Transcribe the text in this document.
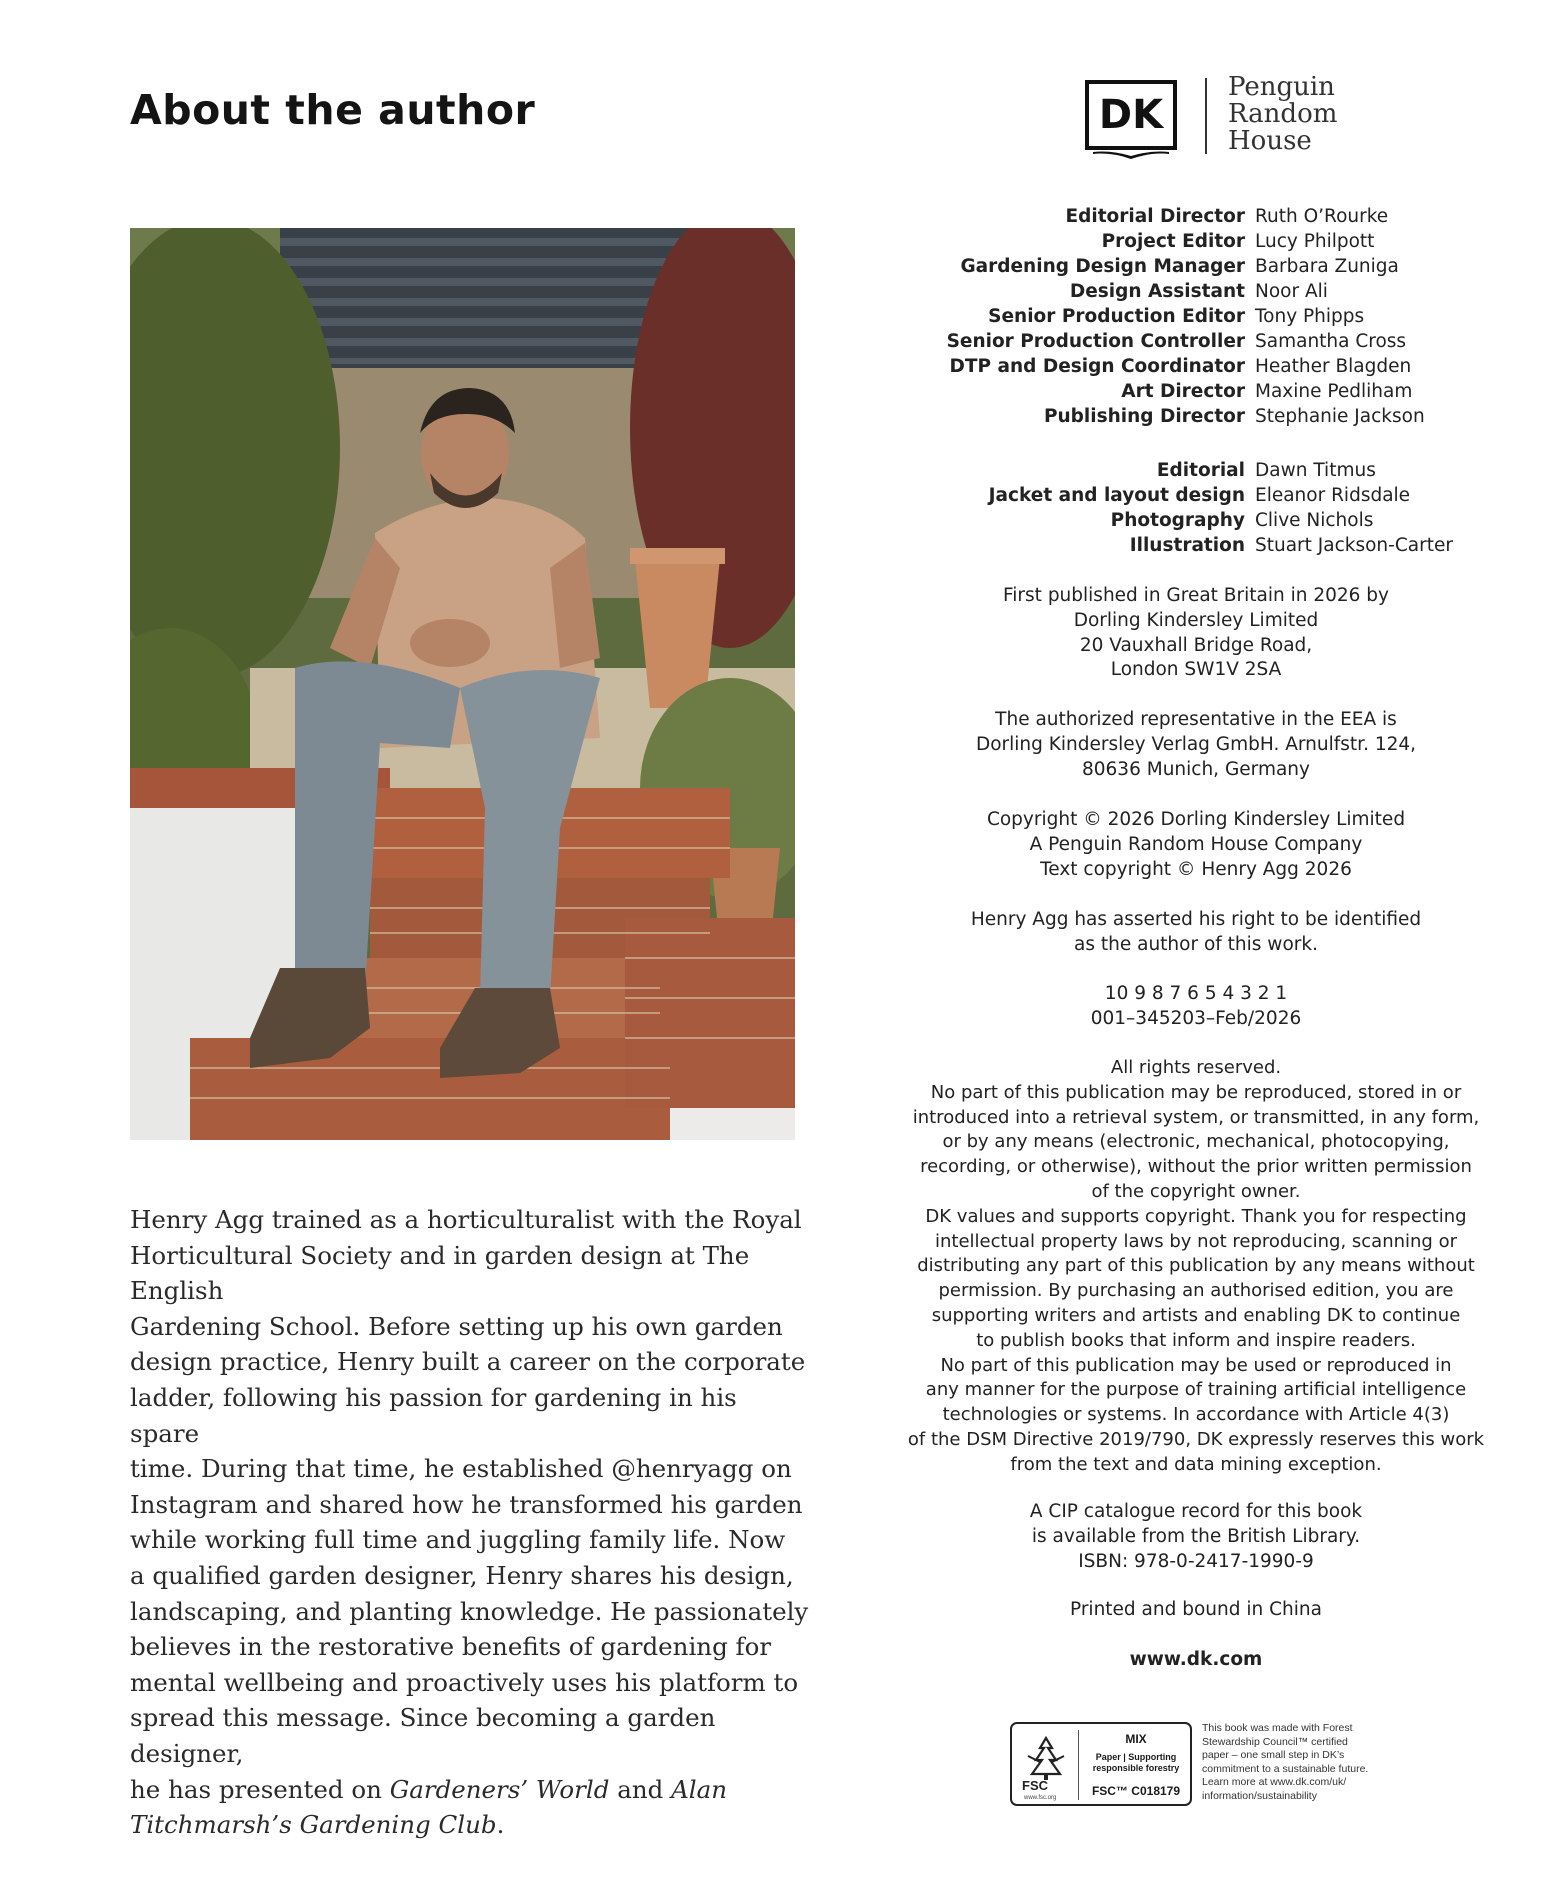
About the author
Henry Agg trained as a horticulturalist with the Royal
Horticultural Society and in garden design at The English
Gardening School. Before setting up his own garden
design practice, Henry built a career on the corporate
ladder, following his passion for gardening in his spare
time. During that time, he established @henryagg on
Instagram and shared how he transformed his garden
while working full time and juggling family life. Now
a qualified garden designer, Henry shares his design,
landscaping, and planting knowledge. He passionately
believes in the restorative benefits of gardening for
mental wellbeing and proactively uses his platform to
spread this message. Since becoming a garden designer,
he has presented on Gardeners’ World and Alan
Titchmarsh’s Gardening Club.
DK
Penguin
Random
House
Editorial Director Ruth O’Rourke
Project Editor Lucy Philpott
Gardening Design Manager Barbara Zuniga
Design Assistant Noor Ali
Senior Production Editor Tony Phipps
Senior Production Controller Samantha Cross
DTP and Design Coordinator Heather Blagden
Art Director Maxine Pedliham
Publishing Director Stephanie Jackson
Editorial Dawn Titmus
Jacket and layout design Eleanor Ridsdale
Photography Clive Nichols
Illustration Stuart Jackson-Carter
First published in Great Britain in 2026 by
Dorling Kindersley Limited
20 Vauxhall Bridge Road,
London SW1V 2SA
The authorized representative in the EEA is
Dorling Kindersley Verlag GmbH. Arnulfstr. 124,
80636 Munich, Germany
Copyright © 2026 Dorling Kindersley Limited
A Penguin Random House Company
Text copyright © Henry Agg 2026
Henry Agg has asserted his right to be identified
as the author of this work.
10 9 8 7 6 5 4 3 2 1
001–345203–Feb/2026
All rights reserved.
No part of this publication may be reproduced, stored in or
introduced into a retrieval system, or transmitted, in any form,
or by any means (electronic, mechanical, photocopying,
recording, or otherwise), without the prior written permission
of the copyright owner.
DK values and supports copyright. Thank you for respecting
intellectual property laws by not reproducing, scanning or
distributing any part of this publication by any means without
permission. By purchasing an authorised edition, you are
supporting writers and artists and enabling DK to continue
to publish books that inform and inspire readers.
No part of this publication may be used or reproduced in
any manner for the purpose of training artificial intelligence
technologies or systems. In accordance with Article 4(3)
of the DSM Directive 2019/790, DK expressly reserves this work
from the text and data mining exception.
A CIP catalogue record for this book
is available from the British Library.
ISBN: 978-0-2417-1990-9
Printed and bound in China
www.dk.com
FSC
www.fsc.org
MIX
Paper | Supporting
responsible forestry
FSC™ C018179
This book was made with Forest
Stewardship Council™ certified
paper – one small step in DK’s
commitment to a sustainable future.
Learn more at www.dk.com/uk/
information/sustainability
